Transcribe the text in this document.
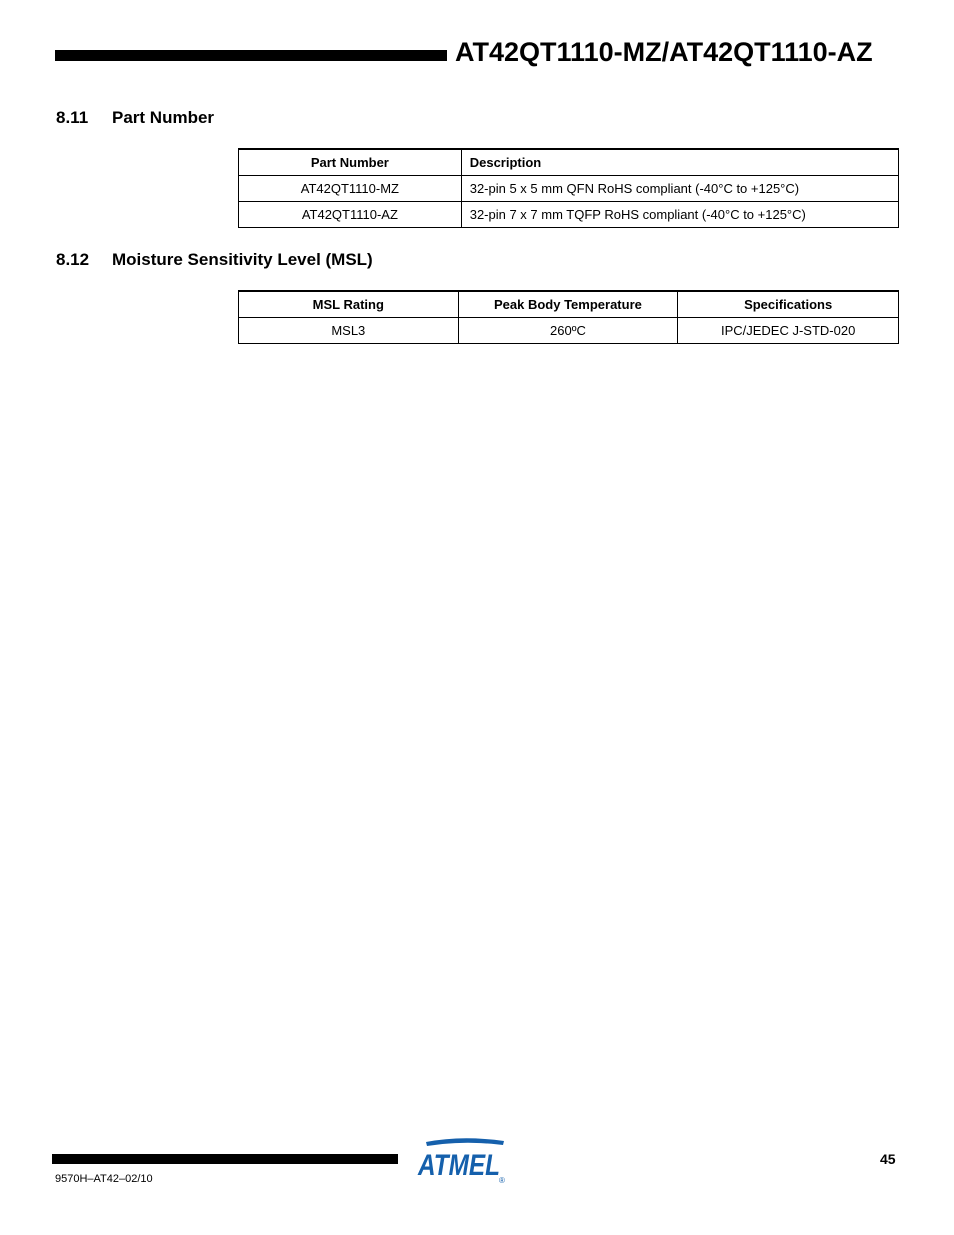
AT42QT1110-MZ/AT42QT1110-AZ
8.11 Part Number
Part Number	Description
AT42QT1110-MZ	32-pin 5 x 5 mm QFN RoHS compliant (-40°C to +125°C)
AT42QT1110-AZ	32-pin 7 x 7 mm TQFP RoHS compliant (-40°C to +125°C)
8.12 Moisture Sensitivity Level (MSL)
MSL Rating	Peak Body Temperature	Specifications
MSL3	260ºC	IPC/JEDEC J-STD-020
9570H–AT42–02/10
45
ATMEL ®
